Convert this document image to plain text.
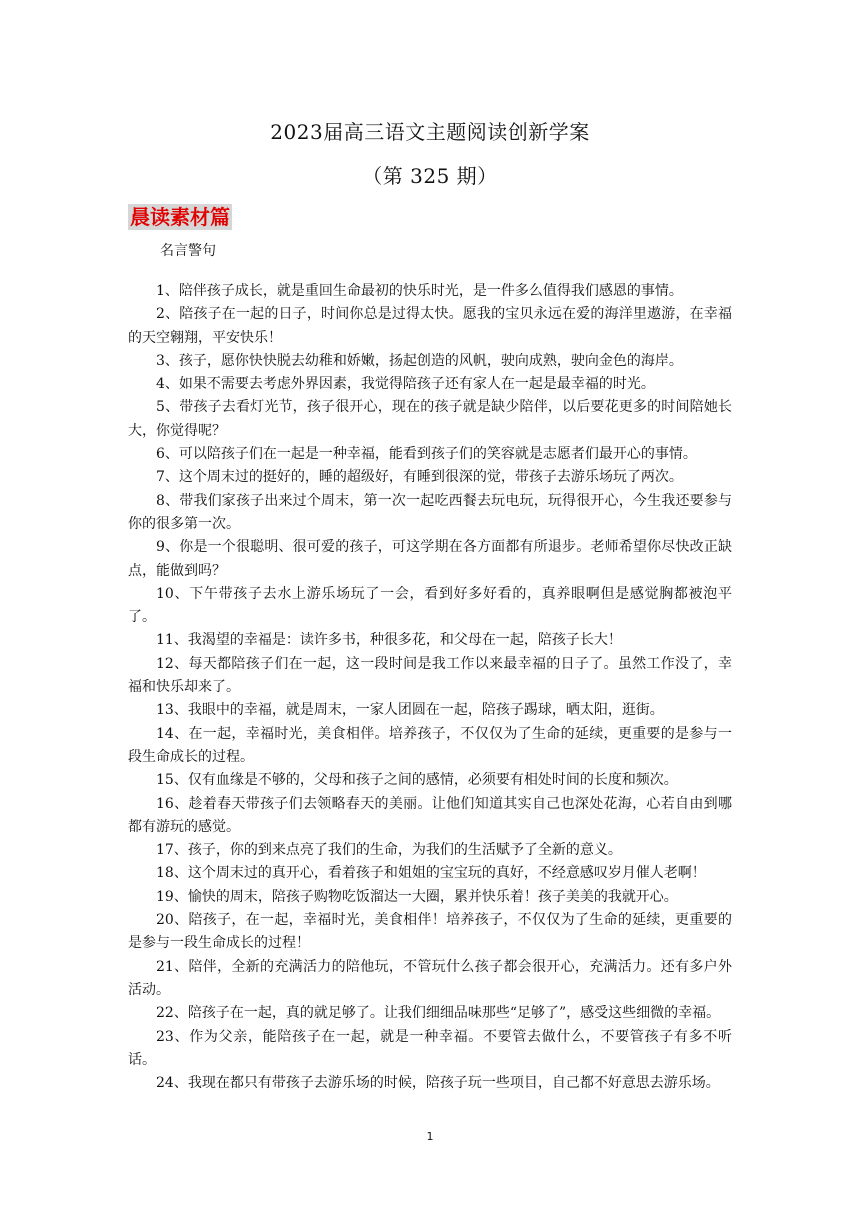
2023届高三语文主题阅读创新学案
（第 325 期）
晨读素材篇
名言警句

1、陪伴孩子成长，就是重回生命最初的快乐时光，是一件多么值得我们感恩的事情。

2、陪孩子在一起的日子，时间你总是过得太快。愿我的宝贝永远在爱的海洋里遨游，在幸福的天空翱翔，平安快乐！

3、孩子，愿你快快脱去幼稚和娇嫩，扬起创造的风帆，驶向成熟，驶向金色的海岸。

4、如果不需要去考虑外界因素，我觉得陪孩子还有家人在一起是最幸福的时光。

5、带孩子去看灯光节，孩子很开心，现在的孩子就是缺少陪伴，以后要花更多的时间陪她长大，你觉得呢？

6、可以陪孩子们在一起是一种幸福，能看到孩子们的笑容就是志愿者们最开心的事情。

7、这个周末过的挺好的，睡的超级好，有睡到很深的觉，带孩子去游乐场玩了两次。

8、带我们家孩子出来过个周末，第一次一起吃西餐去玩电玩，玩得很开心，今生我还要参与你的很多第一次。

9、你是一个很聪明、很可爱的孩子，可这学期在各方面都有所退步。老师希望你尽快改正缺点，能做到吗？

10、下午带孩子去水上游乐场玩了一会，看到好多好看的，真养眼啊但是感觉胸都被泡平了。

11、我渴望的幸福是：读许多书，种很多花，和父母在一起，陪孩子长大！

12、每天都陪孩子们在一起，这一段时间是我工作以来最幸福的日子了。虽然工作没了，幸福和快乐却来了。

13、我眼中的幸福，就是周末，一家人团圆在一起，陪孩子踢球，晒太阳，逛街。

14、在一起，幸福时光，美食相伴。培养孩子，不仅仅为了生命的延续，更重要的是参与一段生命成长的过程。

15、仅有血缘是不够的，父母和孩子之间的感情，必须要有相处时间的长度和频次。

16、趁着春天带孩子们去领略春天的美丽。让他们知道其实自己也深处花海，心若自由到哪都有游玩的感觉。

17、孩子，你的到来点亮了我们的生命，为我们的生活赋予了全新的意义。

18、这个周末过的真开心，看着孩子和姐姐的宝宝玩的真好，不经意感叹岁月催人老啊！

19、愉快的周末，陪孩子购物吃饭溜达一大圈，累并快乐着！孩子美美的我就开心。

20、陪孩子，在一起，幸福时光，美食相伴！培养孩子，不仅仅为了生命的延续，更重要的是参与一段生命成长的过程！

21、陪伴，全新的充满活力的陪他玩，不管玩什么孩子都会很开心，充满活力。还有多户外活动。

22、陪孩子在一起，真的就足够了。让我们细细品味那些“足够了”，感受这些细微的幸福。

23、作为父亲，能陪孩子在一起，就是一种幸福。不要管去做什么，不要管孩子有多不听话。

24、我现在都只有带孩子去游乐场的时候，陪孩子玩一些项目，自己都不好意思去游乐场。

1
